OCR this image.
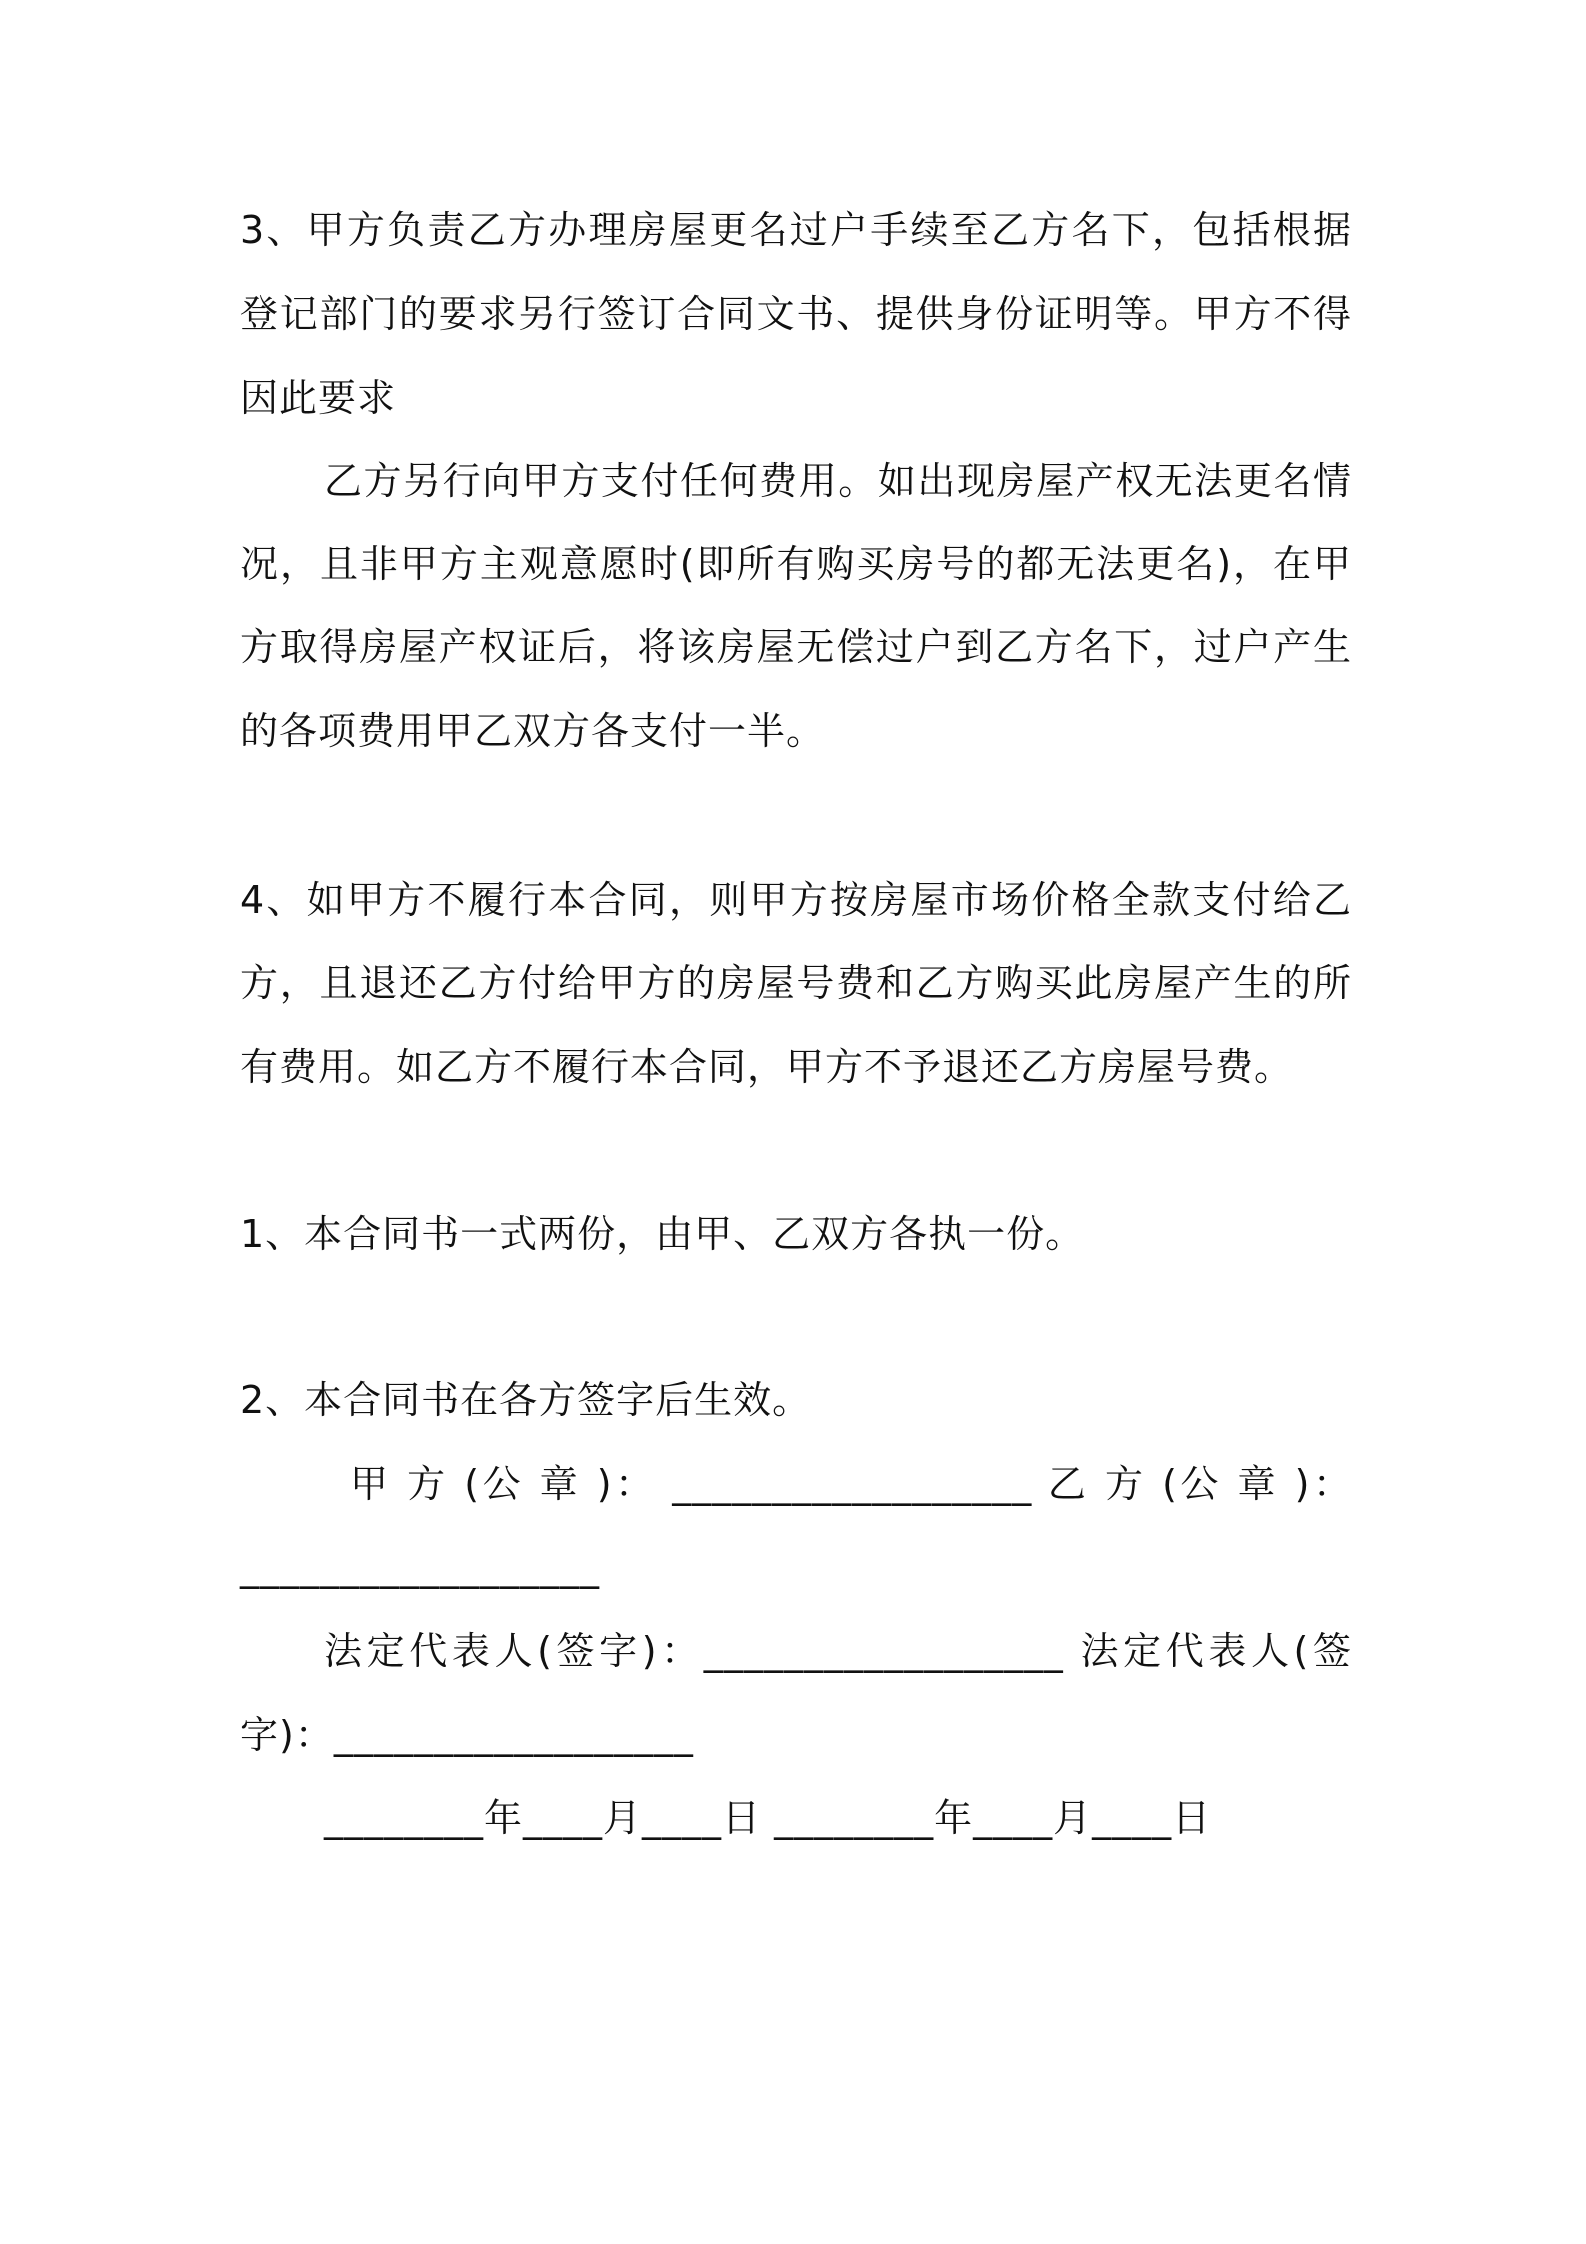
3、甲方负责乙方办理房屋更名过户手续至乙方名下，包括根据
登记部门的要求另行签订合同文书、提供身份证明等。甲方不得
因此要求
乙方另行向甲方支付任何费用。如出现房屋产权无法更名情
况，且非甲方主观意愿时(即所有购买房号的都无法更名)，在甲
方取得房屋产权证后，将该房屋无偿过户到乙方名下，过户产生
的各项费用甲乙双方各支付一半。
4、如甲方不履行本合同，则甲方按房屋市场价格全款支付给乙
方，且退还乙方付给甲方的房屋号费和乙方购买此房屋产生的所
有费用。如乙方不履行本合同，甲方不予退还乙方房屋号费。
1、本合同书一式两份，由甲、乙双方各执一份。
2、本合同书在各方签字后生效。
甲 方 (公 章 )： __________________ 乙 方 (公 章 )：
__________________
法定代表人(签字)：__________________ 法定代表人(签
字)：__________________
________年____月____日 ________年____月____日
